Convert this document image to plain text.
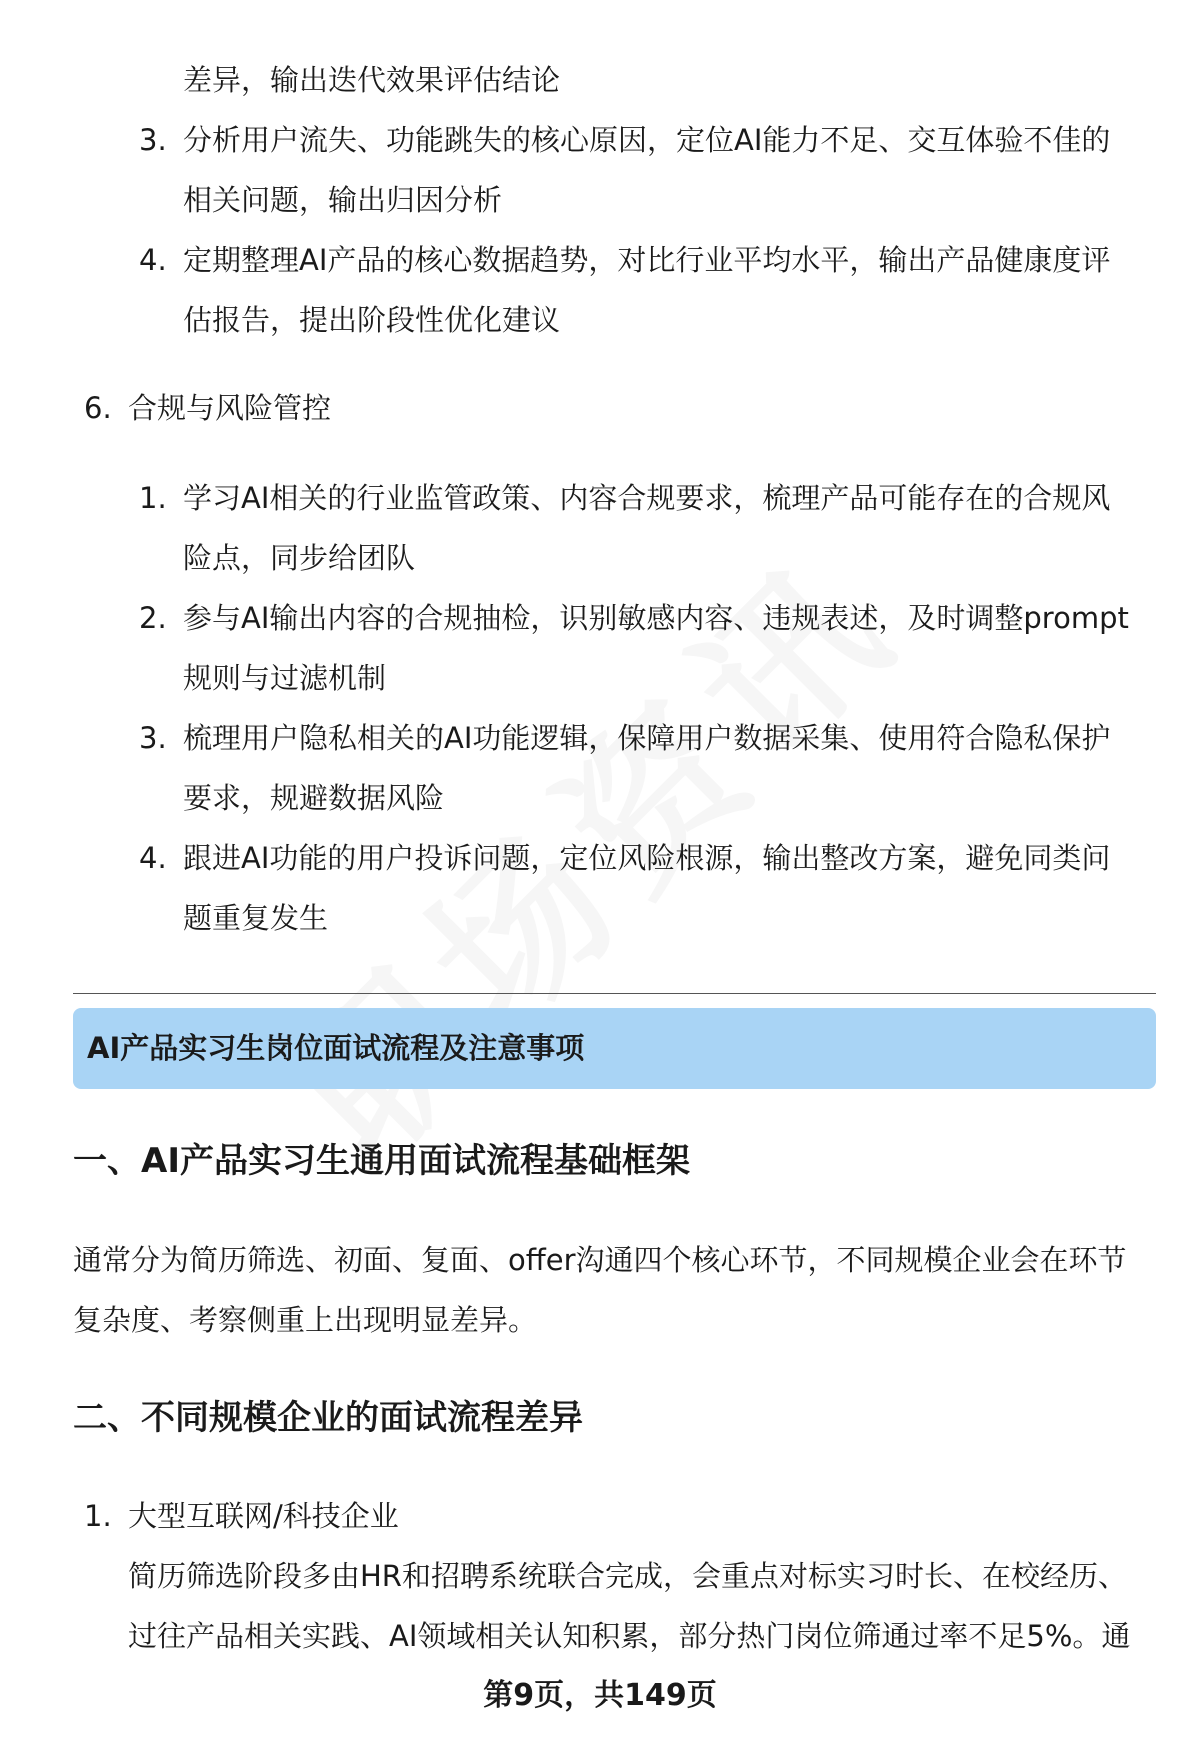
差异，输出迭代效果评估结论
3. 分析用户流失、功能跳失的核心原因，定位AI能力不足、交互体验不佳的
相关问题，输出归因分析
4. 定期整理AI产品的核心数据趋势，对比行业平均水平，输出产品健康度评
估报告，提出阶段性优化建议
6. 合规与风险管控
1. 学习AI相关的行业监管政策、内容合规要求，梳理产品可能存在的合规风
险点，同步给团队
2. 参与AI输出内容的合规抽检，识别敏感内容、违规表述，及时调整prompt
规则与过滤机制
3. 梳理用户隐私相关的AI功能逻辑，保障用户数据采集、使用符合隐私保护
要求，规避数据风险
4. 跟进AI功能的用户投诉问题，定位风险根源，输出整改方案，避免同类问
题重复发生
AI产品实习生岗位面试流程及注意事项
一、AI产品实习生通用面试流程基础框架
通常分为简历筛选、初面、复面、offer沟通四个核心环节，不同规模企业会在环节
复杂度、考察侧重上出现明显差异。
二、不同规模企业的面试流程差异
1. 大型互联网/科技企业
简历筛选阶段多由HR和招聘系统联合完成，会重点对标实习时长、在校经历、
过往产品相关实践、AI领域相关认知积累，部分热门岗位筛通过率不足5%。通
第9页，共149页
